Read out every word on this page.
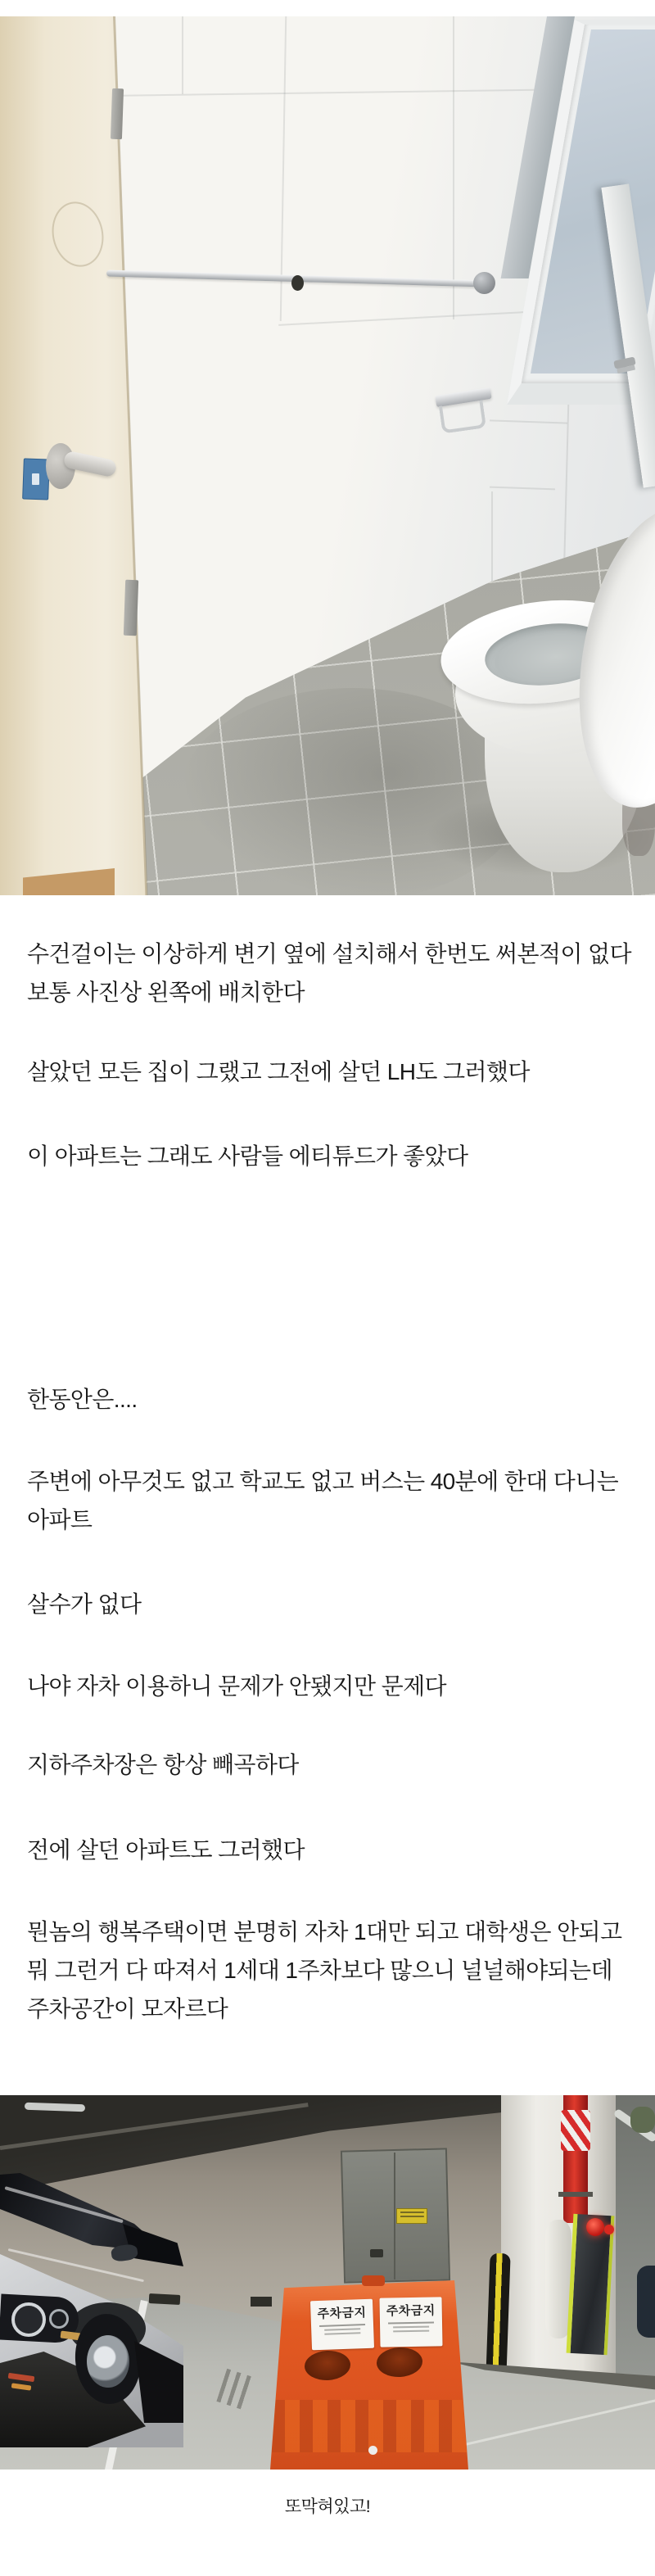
수건걸이는 이상하게 변기 옆에 설치해서 한번도 써본적이 없다 보통 사진상 왼쪽에 배치한다

살았던 모든 집이 그랬고 그전에 살던 LH도 그러했다

이 아파트는 그래도 사람들 에티튜드가 좋았다

한동안은....

주변에 아무것도 없고 학교도 없고 버스는 40분에 한대 다니는 아파트

살수가 없다

나야 자차 이용하니 문제가 안됐지만 문제다

지하주차장은 항상 빼곡하다

전에 살던 아파트도 그러했다

뭔놈의 행복주택이면 분명히 자차 1대만 되고 대학생은 안되고 뭐 그런거 다 따져서 1세대 1주차보다 많으니 널널해야되는데 주차공간이 모자르다

주차금지	주차금지
또막혀있고!
